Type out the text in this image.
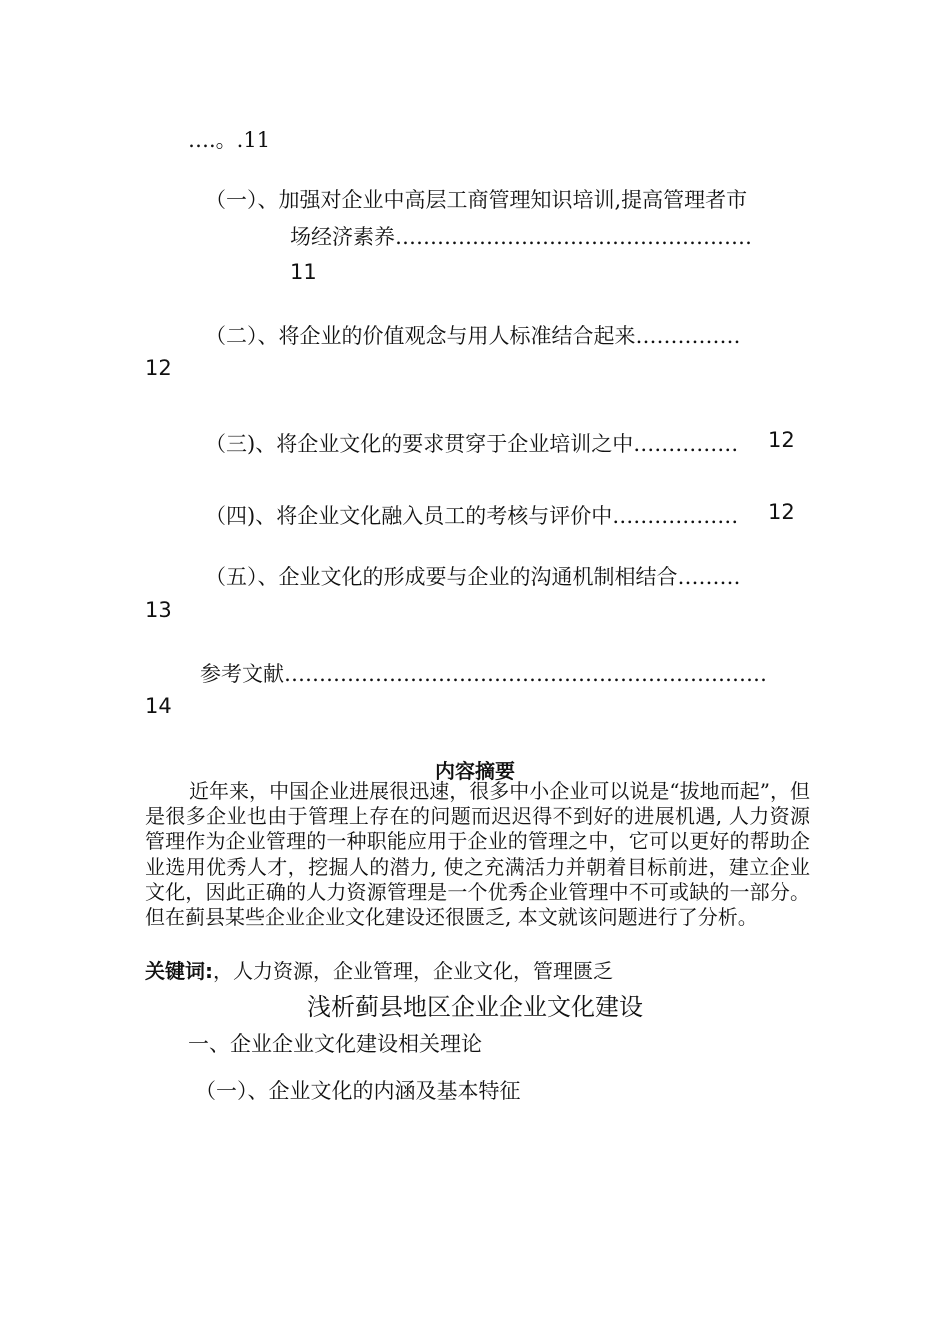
….。.11
（一）、加强对企业中高层工商管理知识培训,提高管理者市
场经济素养……………………………………………
11
（二）、将企业的价值观念与用人标准结合起来……………
12
（三)、将企业文化的要求贯穿于企业培训之中…………… 12
（四)、将企业文化融入员工的考核与评价中……………… 12
（五）、企业文化的形成要与企业的沟通机制相结合………
13
参考文献……………………………………………………………
14
内容摘要

近年来，中国企业进展很迅速，很多中小企业可以说是“拔地而起”，但是很多企业也由于管理上存在的问题而迟迟得不到好的进展机遇, 人力资源管理作为企业管理的一种职能应用于企业的管理之中，它可以更好的帮助企业选用优秀人才，挖掘人的潜力, 使之充满活力并朝着目标前进，建立企业文化，因此正确的人力资源管理是一个优秀企业管理中不可或缺的一部分。但在蓟县某些企业企业文化建设还很匮乏, 本文就该问题进行了分析。

关键词:，人力资源，企业管理，企业文化，管理匮乏
浅析蓟县地区企业企业文化建设
一、企业企业文化建设相关理论
（一）、企业文化的内涵及基本特征
